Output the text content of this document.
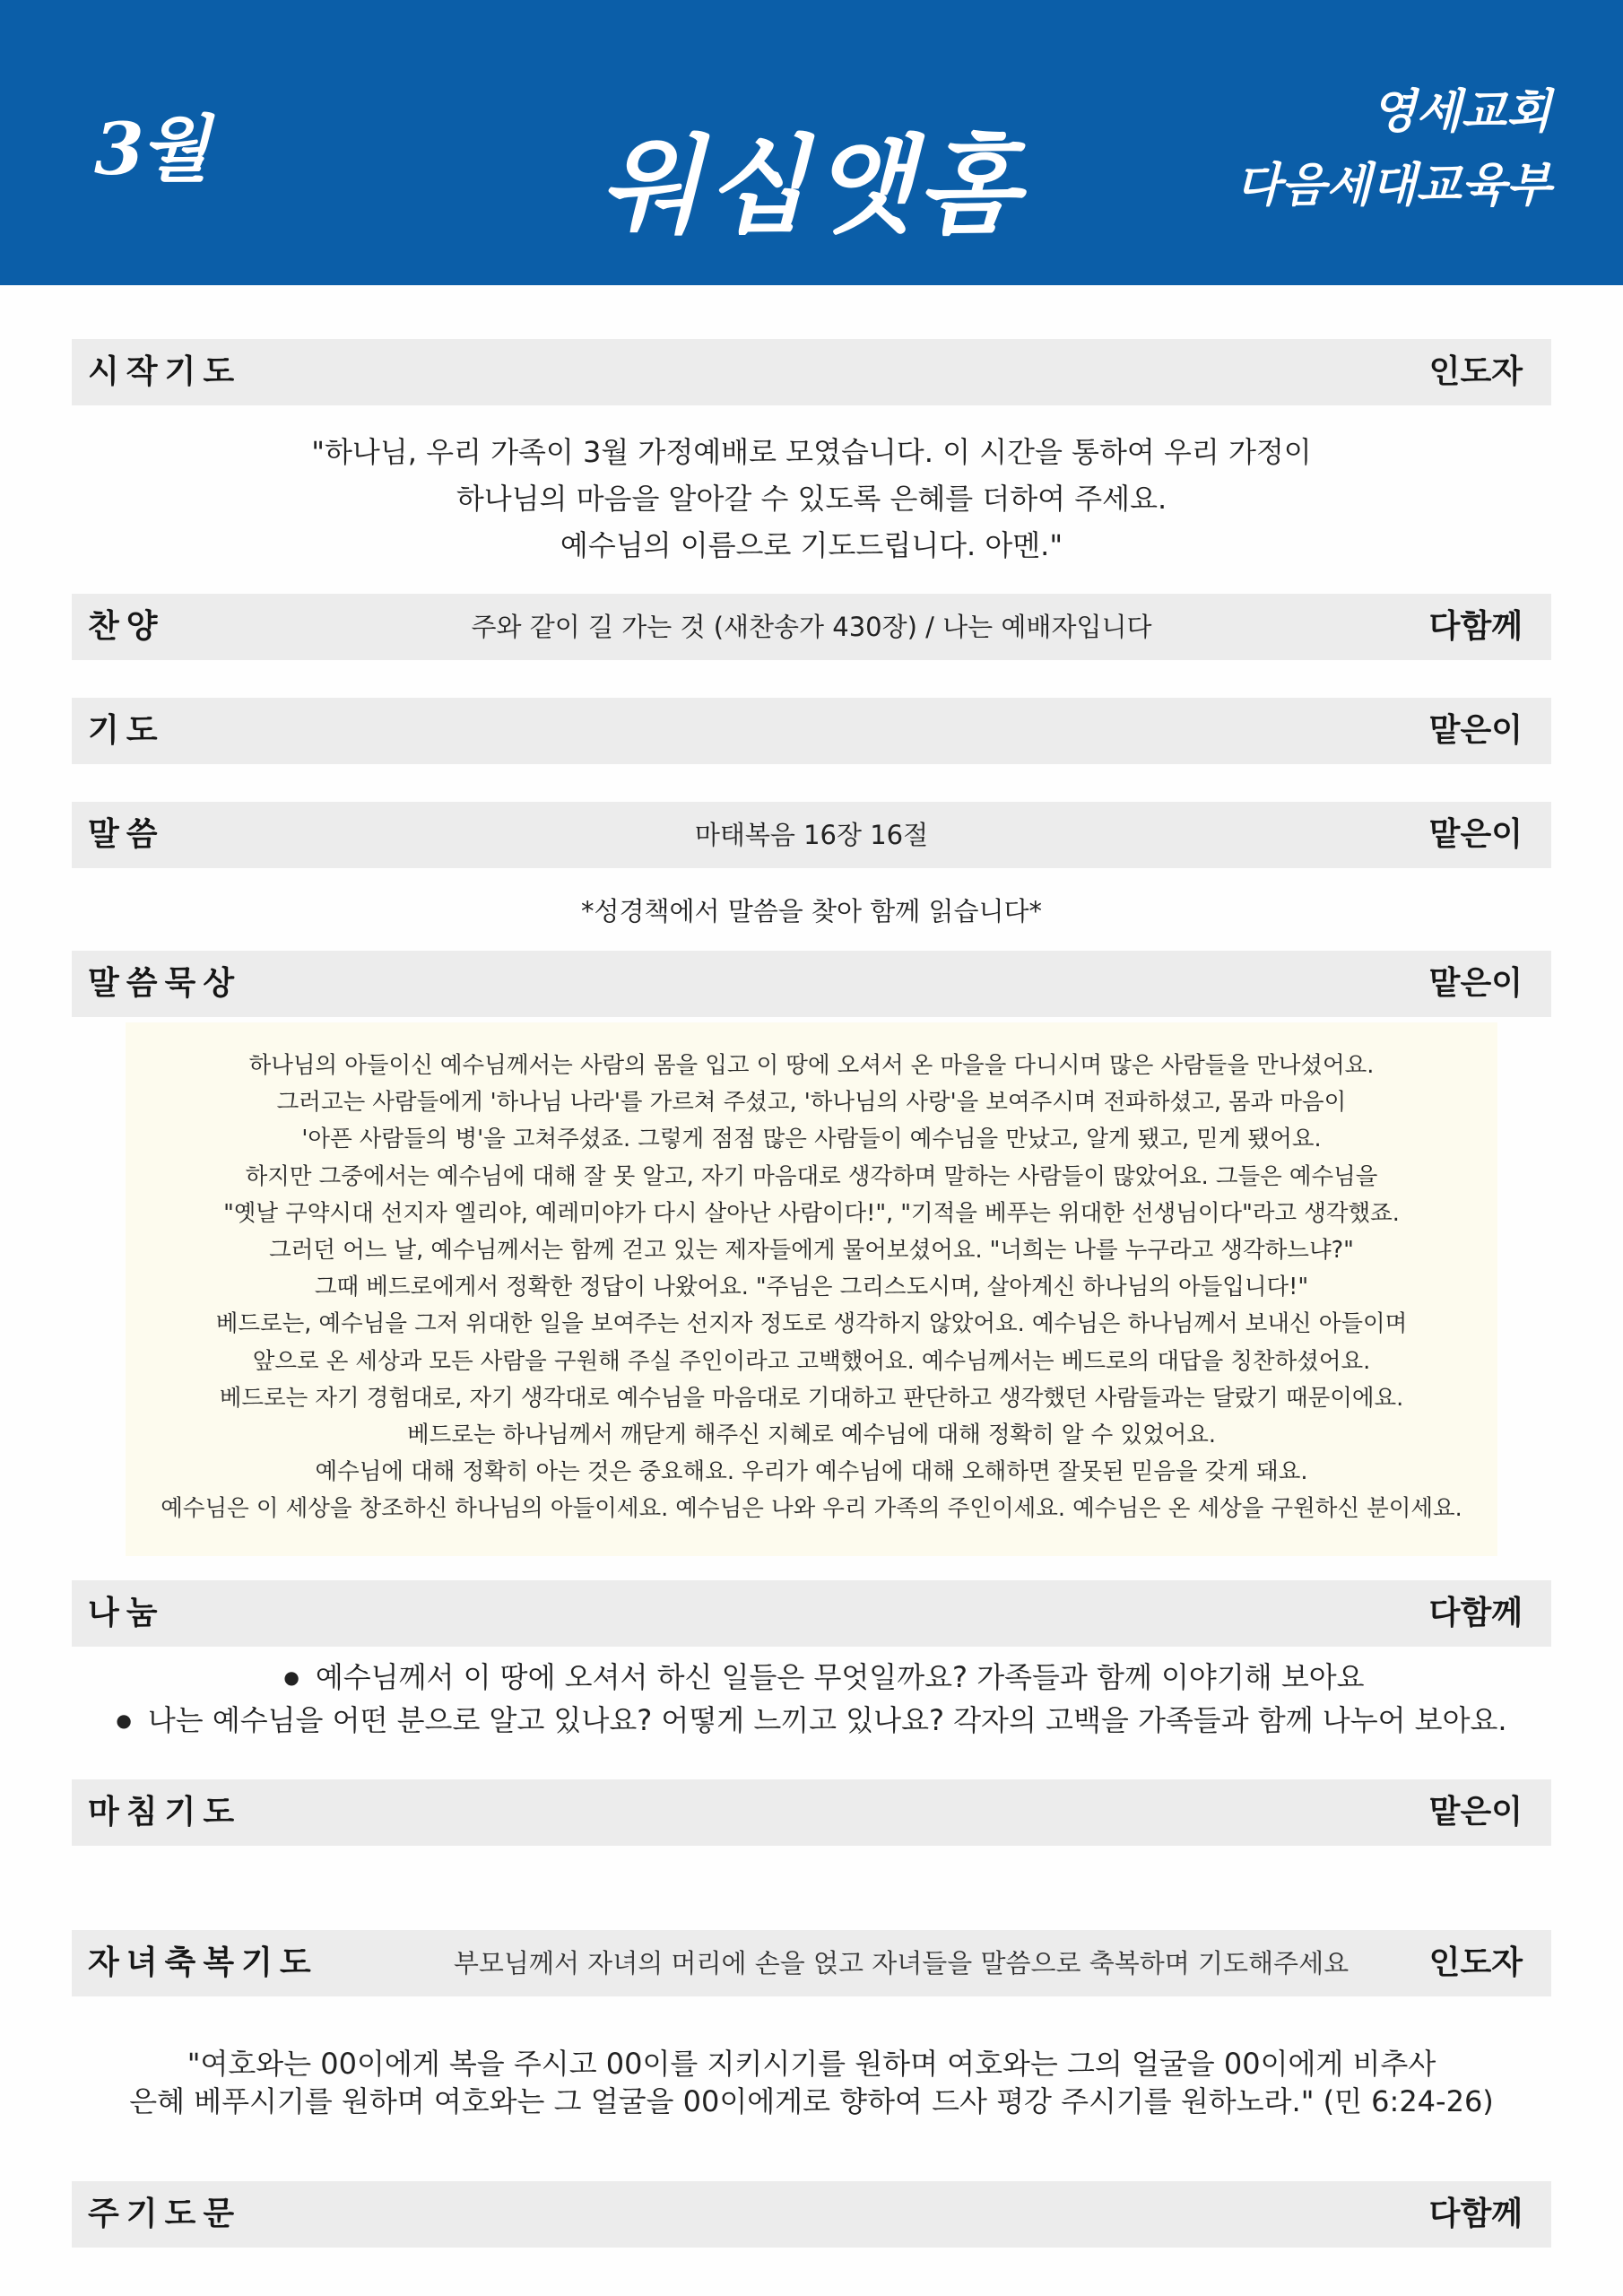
3월	워십앳홈
영세교회
다음세대교육부
시작기도	인도자

"하나님, 우리 가족이 3월 가정예배로 모였습니다. 이 시간을 통하여 우리 가정이

하나님의 마음을 알아갈 수 있도록 은혜를 더하여 주세요.

예수님의 이름으로 기도드립니다. 아멘."

찬양	주와 같이 길 가는 것 (새찬송가 430장) / 나는 예배자입니다	다함께
기도	맡은이
말씀	마태복음 16장 16절	맡은이
*성경책에서 말씀을 찾아 함께 읽습니다*
말씀묵상	맡은이

하나님의 아들이신 예수님께서는 사람의 몸을 입고 이 땅에 오셔서 온 마을을 다니시며 많은 사람들을 만나셨어요.

그러고는 사람들에게 '하나님 나라'를 가르쳐 주셨고, '하나님의 사랑'을 보여주시며 전파하셨고, 몸과 마음이

'아픈 사람들의 병'을 고쳐주셨죠. 그렇게 점점 많은 사람들이 예수님을 만났고, 알게 됐고, 믿게 됐어요.

하지만 그중에서는 예수님에 대해 잘 못 알고, 자기 마음대로 생각하며 말하는 사람들이 많았어요. 그들은 예수님을

"옛날 구약시대 선지자 엘리야, 예레미야가 다시 살아난 사람이다!", "기적을 베푸는 위대한 선생님이다"라고 생각했죠.

그러던 어느 날, 예수님께서는 함께 걷고 있는 제자들에게 물어보셨어요. "너희는 나를 누구라고 생각하느냐?"

그때 베드로에게서 정확한 정답이 나왔어요. "주님은 그리스도시며, 살아계신 하나님의 아들입니다!"

베드로는, 예수님을 그저 위대한 일을 보여주는 선지자 정도로 생각하지 않았어요. 예수님은 하나님께서 보내신 아들이며

앞으로 온 세상과 모든 사람을 구원해 주실 주인이라고 고백했어요. 예수님께서는 베드로의 대답을 칭찬하셨어요.

베드로는 자기 경험대로, 자기 생각대로 예수님을 마음대로 기대하고 판단하고 생각했던 사람들과는 달랐기 때문이에요.

베드로는 하나님께서 깨닫게 해주신 지혜로 예수님에 대해 정확히 알 수 있었어요.

예수님에 대해 정확히 아는 것은 중요해요. 우리가 예수님에 대해 오해하면 잘못된 믿음을 갖게 돼요.

예수님은 이 세상을 창조하신 하나님의 아들이세요. 예수님은 나와 우리 가족의 주인이세요. 예수님은 온 세상을 구원하신 분이세요.

나눔	다함께
● 예수님께서 이 땅에 오셔서 하신 일들은 무엇일까요? 가족들과 함께 이야기해 보아요
● 나는 예수님을 어떤 분으로 알고 있나요? 어떻게 느끼고 있나요? 각자의 고백을 가족들과 함께 나누어 보아요.
마침기도	맡은이
자녀축복기도	부모님께서 자녀의 머리에 손을 얹고 자녀들을 말씀으로 축복하며 기도해주세요	인도자

"여호와는 00이에게 복을 주시고 00이를 지키시기를 원하며 여호와는 그의 얼굴을 00이에게 비추사

은혜 베푸시기를 원하며 여호와는 그 얼굴을 00이에게로 향하여 드사 평강 주시기를 원하노라." (민 6:24-26)

주기도문	다함께
